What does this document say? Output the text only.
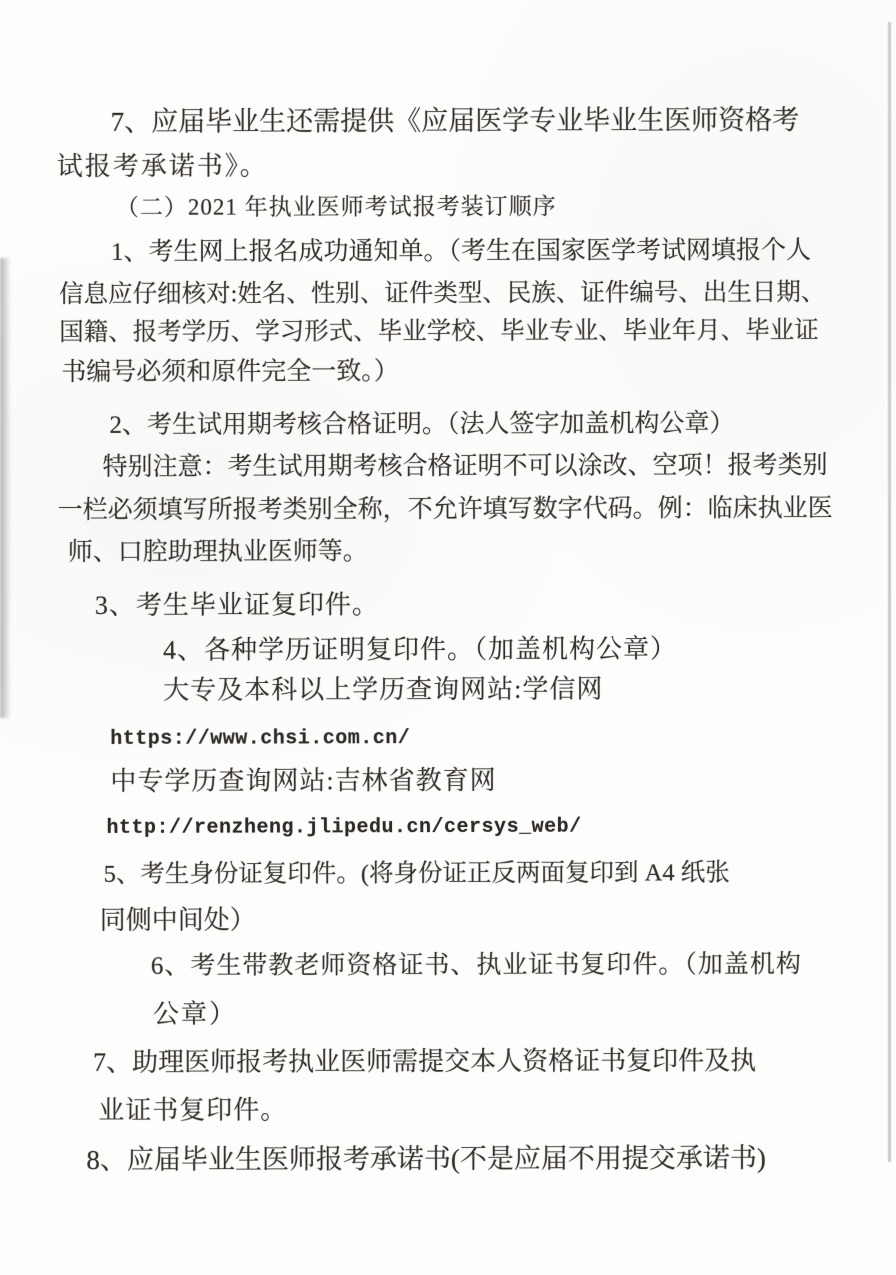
7、应届毕业生还需提供《应届医学专业毕业生医师资格考
试报考承诺书》。
（二）2021 年执业医师考试报考装订顺序
1、考生网上报名成功通知单。（考生在国家医学考试网填报个人
信息应仔细核对:姓名、性别、证件类型、民族、证件编号、出生日期、
国籍、报考学历、学习形式、毕业学校、毕业专业、毕业年月、毕业证
书编号必须和原件完全一致。）
2、考生试用期考核合格证明。（法人签字加盖机构公章）
特别注意：考生试用期考核合格证明不可以涂改、空项！报考类别
一栏必须填写所报考类别全称，不允许填写数字代码。例：临床执业医
师、口腔助理执业医师等。
3、考生毕业证复印件。
4、各种学历证明复印件。（加盖机构公章）
大专及本科以上学历查询网站:学信网
https://www.chsi.com.cn/
中专学历查询网站:吉林省教育网
http://renzheng.jlipedu.cn/cersys_web/
5、考生身份证复印件。(将身份证正反两面复印到 A4 纸张
同侧中间处）
6、考生带教老师资格证书、执业证书复印件。（加盖机构
公章）
7、助理医师报考执业医师需提交本人资格证书复印件及执
业证书复印件。
8、应届毕业生医师报考承诺书(不是应届不用提交承诺书)
